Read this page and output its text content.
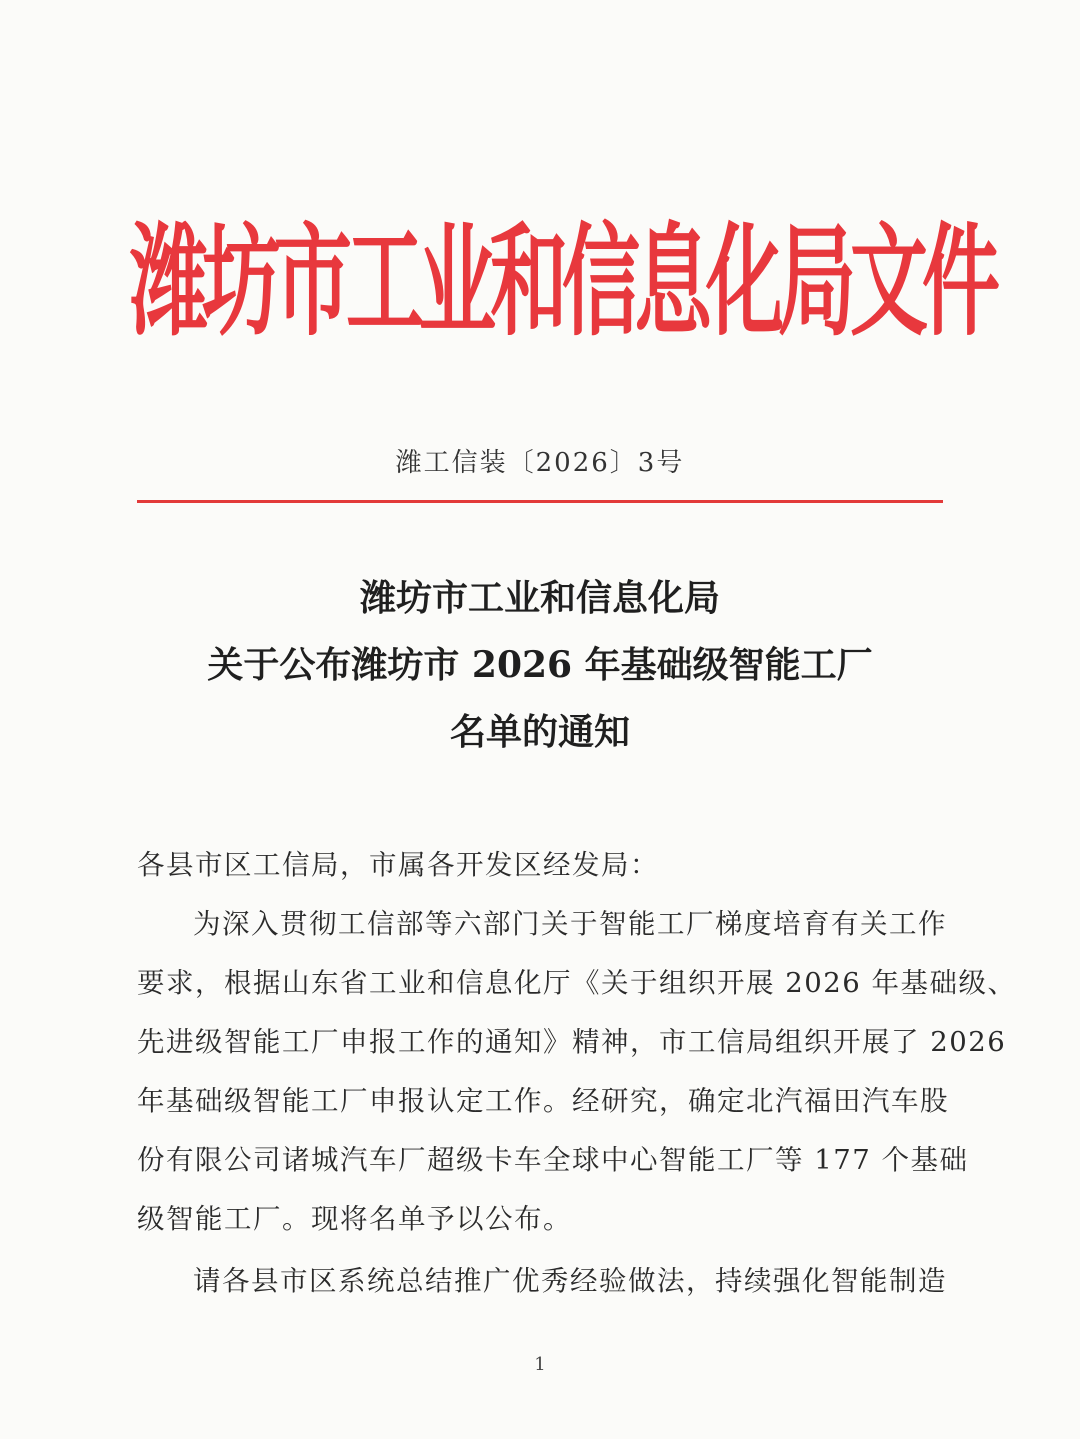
潍坊市工业和信息化局文件
潍工信装〔2026〕3号
潍坊市工业和信息化局
关于公布潍坊市 2026 年基础级智能工厂
名单的通知
各县市区工信局，市属各开发区经发局：
为深入贯彻工信部等六部门关于智能工厂梯度培育有关工作
要求，根据山东省工业和信息化厅《关于组织开展 2026 年基础级、
先进级智能工厂申报工作的通知》精神，市工信局组织开展了 2026
年基础级智能工厂申报认定工作。经研究，确定北汽福田汽车股
份有限公司诸城汽车厂超级卡车全球中心智能工厂等 177 个基础
级智能工厂。现将名单予以公布。
请各县市区系统总结推广优秀经验做法，持续强化智能制造
1
